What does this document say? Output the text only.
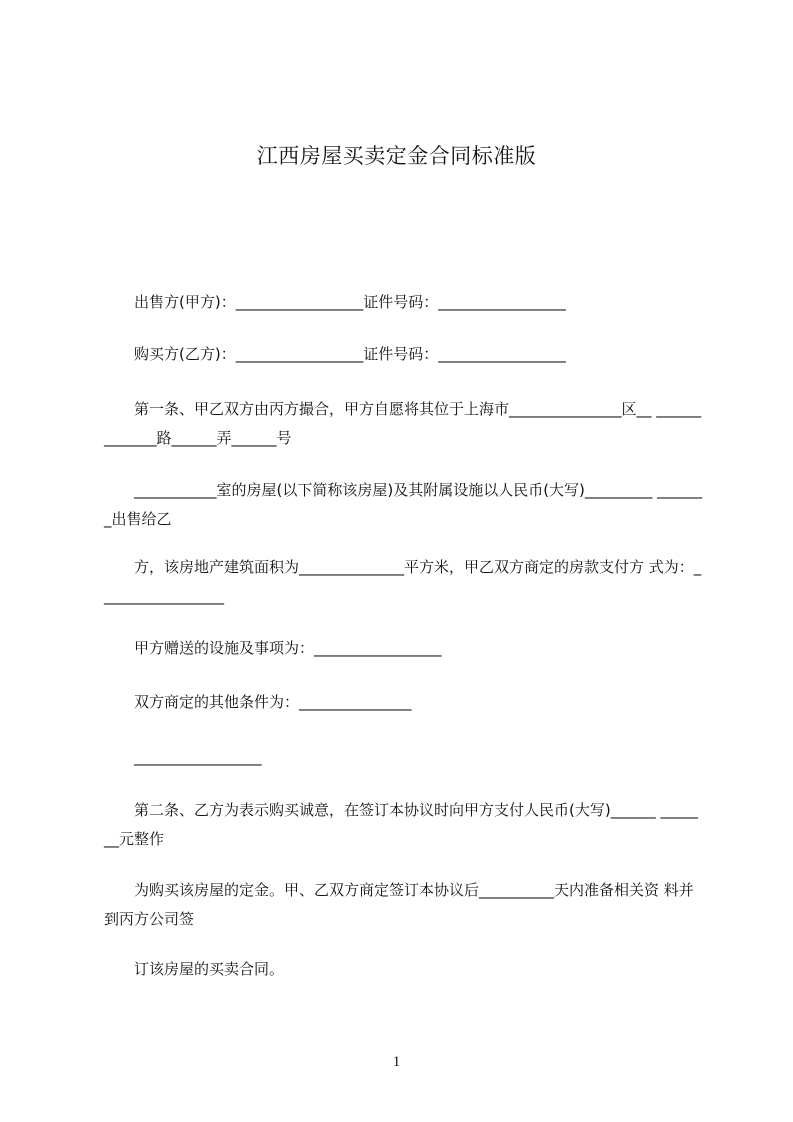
江西房屋买卖定金合同标准版
　　出售方(甲方)：_________________证件号码：_________________
　　购买方(乙方)：_________________证件号码：_________________
　　第一条、甲乙双方由丙方撮合，甲方自愿将其位于上海市_______________区__ _____________路______弄______号
　　___________室的房屋(以下简称该房屋)及其附属设施以人民币(大写)_________ _______出售给乙
　　方，该房地产建筑面积为______________平方米，甲乙双方商定的房款支付方 式为：_________________
　　甲方赠送的设施及事项为：_________________
　　双方商定的其他条件为：_______________
　　_________________
　　第二条、乙方为表示购买诚意，在签订本协议时向甲方支付人民币(大写)______ _______元整作
　　为购买该房屋的定金。甲、乙双方商定签订本协议后__________天内准备相关资 料并到丙方公司签
　　订该房屋的买卖合同。
1
